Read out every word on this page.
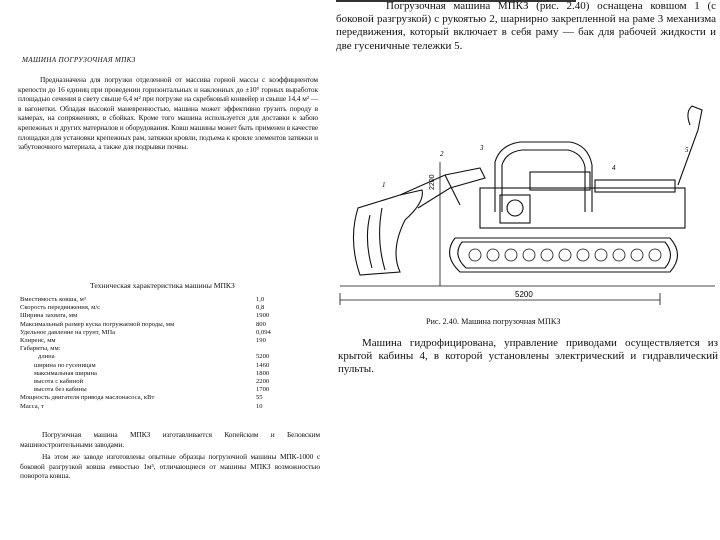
Погрузочная машина МПКЗ (рис. 2.40) оснащена ковшом 1 (с боковой разгрузкой) с рукоятью 2, шарнирно закрепленной на раме 3 механизма передвижения, который включает в себя раму — бак для рабочей жидкости и две гусеничные тележки 5.

МАШИНА ПОГРУЗОЧНАЯ МПКЗ
Предназначена для погрузки отделенной от массива горной массы с коэффициентом крепости до 16 единиц при проведении горизонтальных и наклонных до ±10° горных выработок площадью сечения в свету свыше 6,4 м² при погрузке на скребковый конвейер и свыше 14,4 м² — в вагонетки. Обладая высокой маневренностью, машина может эффективно грузить породу в камерах, на сопряжениях, в сбойках. Кроме того машина используется для доставки к забою крепежных и других материалов и оборудования. Ковш машины может быть применен в качестве площадки для установки крепежных рам, затяжки кровли, подъема к кровле элементов затяжки и забутовочного материала, а также для подрывки почвы.
Техническая характеристика машины МПКЗ
Вместимость ковша, м³	1,0
Скорость передвижения, м/с	0,8
Ширина захвата, мм	1900
Максимальный размер куска погружаемой породы, мм	800
Удельное давление на грунт, МПа	0,094
Клиренс, мм	190
Габариты, мм:	
длина	5200
ширина по гусеницам	1460
максимальная ширина	1800
высота с кабиной	2200
высота без кабины	1700
Мощность двигателя привода маслонасоса, кВт	55
Масса, т	10
Погрузочная машина МПКЗ изготавливается Копейским и Беловским машиностроительными заводами.
На этом же заводе изготовлены опытные образцы погрузочной машины МПК-1000 с боковой разгрузкой ковша емкостью 1м³, отличающиеся от машины МПКЗ возможностью поворота ковша.
2200
5200
1
2
3
4
5
Рис. 2.40. Машина погрузочная МПКЗ

Машина гидрофицирована, управление приводами осуществляется из крытой кабины 4, в которой установлены электрический и гидравлический пульты.
